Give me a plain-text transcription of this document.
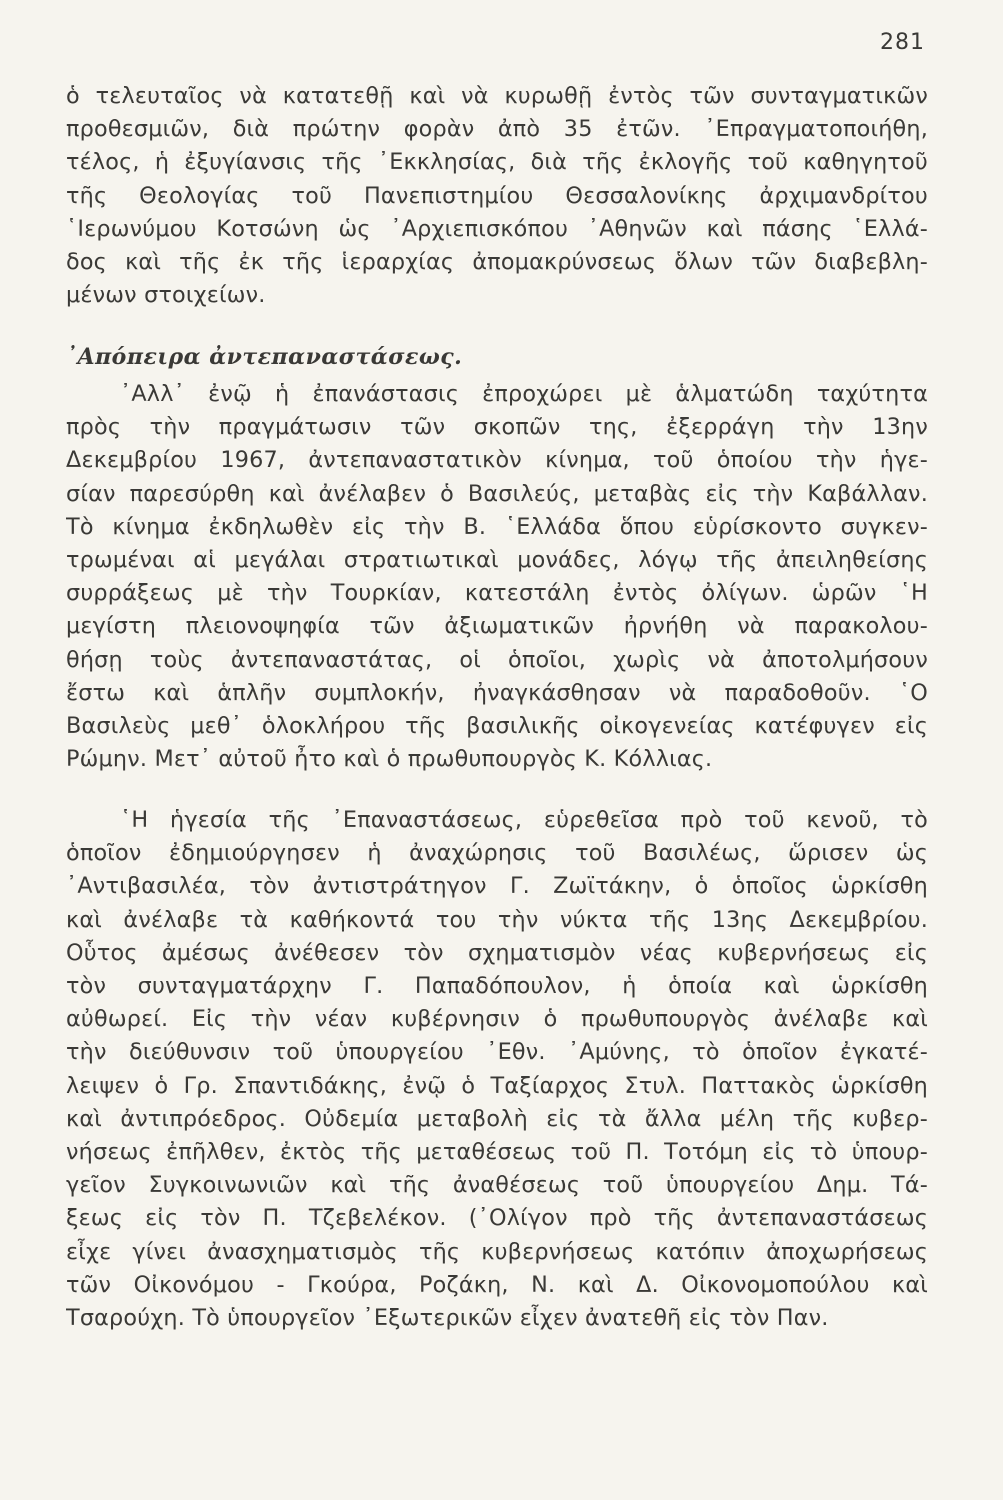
281
ὁ τελευταῖος νὰ κατατεθῇ καὶ νὰ κυρωθῇ ἐντὸς τῶν συνταγματικῶν
προθεσμιῶν, διὰ πρώτην φορὰν ἀπὸ 35 ἐτῶν. ᾿Επραγματοποιήθη,
τέλος, ἡ ἐξυγίανσις τῆς ᾿Εκκλησίας, διὰ τῆς ἐκλογῆς τοῦ καθηγητοῦ
τῆς Θεολογίας τοῦ Πανεπιστημίου Θεσσαλονίκης ἀρχιμανδρίτου
῾Ιερωνύμου Κοτσώνη ὡς ᾿Αρχιεπισκόπου ᾿Αθηνῶν καὶ πάσης ῾Ελλά-
δος καὶ τῆς ἐκ τῆς ἱεραρχίας ἀπομακρύνσεως ὅλων τῶν διαβεβλη-
μένων στοιχείων.
᾿Απόπειρα ἀντεπαναστάσεως.
᾿Αλλ᾿ ἐνῷ ἡ ἐπανάστασις ἐπροχώρει μὲ ἁλματώδη ταχύτητα
πρὸς τὴν πραγμάτωσιν τῶν σκοπῶν της, ἐξερράγη τὴν 13ην
Δεκεμβρίου 1967, ἀντεπαναστατικὸν κίνημα, τοῦ ὁποίου τὴν ἡγε-
σίαν παρεσύρθη καὶ ἀνέλαβεν ὁ Βασιλεύς, μεταβὰς εἰς τὴν Καβάλλαν.
Τὸ κίνημα ἐκδηλωθὲν εἰς τὴν Β. ῾Ελλάδα ὅπου εὑρίσκοντο συγκεν-
τρωμέναι αἱ μεγάλαι στρατιωτικαὶ μονάδες, λόγῳ τῆς ἀπειληθείσης
συρράξεως μὲ τὴν Τουρκίαν, κατεστάλη ἐντὸς ὀλίγων. ὡρῶν ῾Η
μεγίστη πλειονοψηφία τῶν ἀξιωματικῶν ἠρνήθη νὰ παρακολου-
θήσῃ τοὺς ἀντεπαναστάτας, οἱ ὁποῖοι, χωρὶς νὰ ἀποτολμήσουν
ἔστω καὶ ἁπλῆν συμπλοκήν, ἠναγκάσθησαν νὰ παραδοθοῦν. ῾Ο
Βασιλεὺς μεθ᾿ ὁλοκλήρου τῆς βασιλικῆς οἰκογενείας κατέφυγεν εἰς
Ρώμην. Μετ᾿ αὐτοῦ ἦτο καὶ ὁ πρωθυπουργὸς Κ. Κόλλιας.
῾Η ἡγεσία τῆς ᾿Επαναστάσεως, εὑρεθεῖσα πρὸ τοῦ κενοῦ, τὸ
ὁποῖον ἐδημιούργησεν ἡ ἀναχώρησις τοῦ Βασιλέως, ὥρισεν ὡς
᾿Αντιβασιλέα, τὸν ἀντιστράτηγον Γ. Ζωϊτάκην, ὁ ὁποῖος ὡρκίσθη
καὶ ἀνέλαβε τὰ καθήκοντά του τὴν νύκτα τῆς 13ης Δεκεμβρίου.
Οὗτος ἀμέσως ἀνέθεσεν τὸν σχηματισμὸν νέας κυβερνήσεως εἰς
τὸν συνταγματάρχην Γ. Παπαδόπουλον, ἡ ὁποία καὶ ὡρκίσθη
αὐθωρεί. Εἰς τὴν νέαν κυβέρνησιν ὁ πρωθυπουργὸς ἀνέλαβε καὶ
τὴν διεύθυνσιν τοῦ ὑπουργείου ᾿Εθν. ᾿Αμύνης, τὸ ὁποῖον ἐγκατέ-
λειψεν ὁ Γρ. Σπαντιδάκης, ἐνῷ ὁ Ταξίαρχος Στυλ. Παττακὸς ὡρκίσθη
καὶ ἀντιπρόεδρος. Οὐδεμία μεταβολὴ εἰς τὰ ἄλλα μέλη τῆς κυβερ-
νήσεως ἐπῆλθεν, ἐκτὸς τῆς μεταθέσεως τοῦ Π. Τοτόμη εἰς τὸ ὑπουρ-
γεῖον Συγκοινωνιῶν καὶ τῆς ἀναθέσεως τοῦ ὑπουργείου Δημ. Τά-
ξεως εἰς τὸν Π. Τζεβελέκον. (᾿Ολίγον πρὸ τῆς ἀντεπαναστάσεως
εἶχε γίνει ἀνασχηματισμὸς τῆς κυβερνήσεως κατόπιν ἀποχωρήσεως
τῶν Οἰκονόμου - Γκούρα, Ροζάκη, Ν. καὶ Δ. Οἰκονομοπούλου καὶ
Τσαρούχη. Τὸ ὑπουργεῖον ᾿Εξωτερικῶν εἶχεν ἀνατεθῆ εἰς τὸν Παν.
